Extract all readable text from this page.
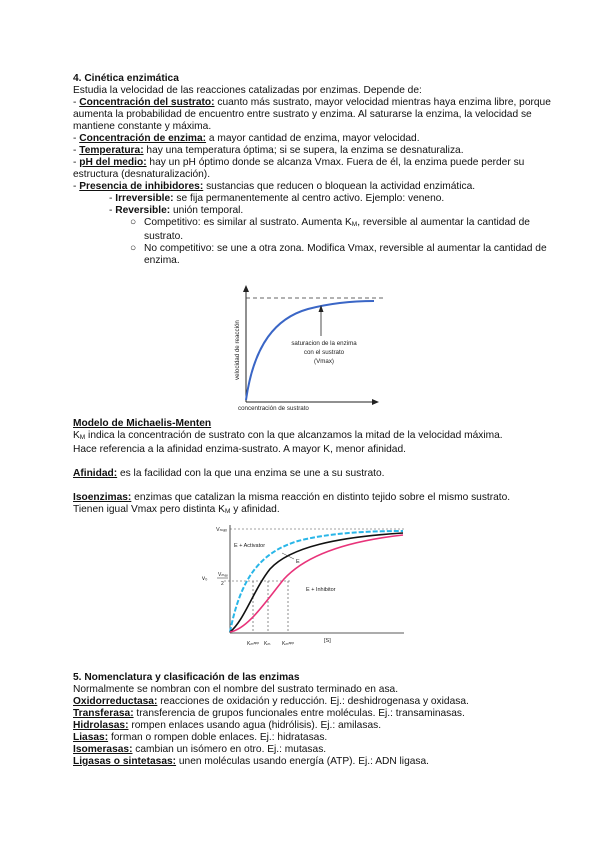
4. Cinética enzimática
Estudia la velocidad de las reacciones catalizadas por enzimas. Depende de:
- Concentración del sustrato: cuanto más sustrato, mayor velocidad mientras haya enzima libre, porque aumenta la probabilidad de encuentro entre sustrato y enzima. Al saturarse la enzima, la velocidad se mantiene constante y máxima.
- Concentración de enzima: a mayor cantidad de enzima, mayor velocidad.
- Temperatura: hay una temperatura óptima; si se supera, la enzima se desnaturaliza.
- pH del medio: hay un pH óptimo donde se alcanza Vmax. Fuera de él, la enzima puede perder su estructura (desnaturalización).
- Presencia de inhibidores: sustancias que reducen o bloquean la actividad enzimática.
- Irreversible: se fija permanentemente al centro activo. Ejemplo: veneno.
- Reversible: unión temporal.
○ Competitivo: es similar al sustrato. Aumenta $K_M$, reversible al aumentar la cantidad de sustrato.
○ No competitivo: se une a otra zona. Modifica Vmax, reversible al aumentar la cantidad de enzima.
saturacion de la enzima
con el sustrato
(Vmax)
velocidad de reacción
concentración de sustrato
Modelo de Michaelis-Menten
$K_M$ indica la concentración de sustrato con la que alcanzamos la mitad de la velocidad máxima.
Hace referencia a la afinidad enzima-sustrato. A mayor K, menor afinidad.
Afinidad: es la facilidad con la que una enzima se une a su sustrato.
Isoenzimas: enzimas que catalizan la misma reacción en distinto tejido sobre el mismo sustrato.
Tienen igual Vmax pero distinta $K_M$ y afinidad.
E + Activator
E
E + Inhibitor
Vₘₐₓ
v₀
Vₘₐₓ
2
Kₘᵃᵖᵖ Kₘ Kₘᵃᵖᵖ	[S]
5. Nomenclatura y clasificación de las enzimas
Normalmente se nombran con el nombre del sustrato terminado en asa.
Oxidorreductasa: reacciones de oxidación y reducción. Ej.: deshidrogenasa y oxidasa.
Transferasa: transferencia de grupos funcionales entre moléculas. Ej.: transaminasas.
Hidrolasas: rompen enlaces usando agua (hidrólisis). Ej.: amilasas.
Liasas: forman o rompen doble enlaces. Ej.: hidratasas.
Isomerasas: cambian un isómero en otro. Ej.: mutasas.
Ligasas o sintetasas: unen moléculas usando energía (ATP). Ej.: ADN ligasa.
